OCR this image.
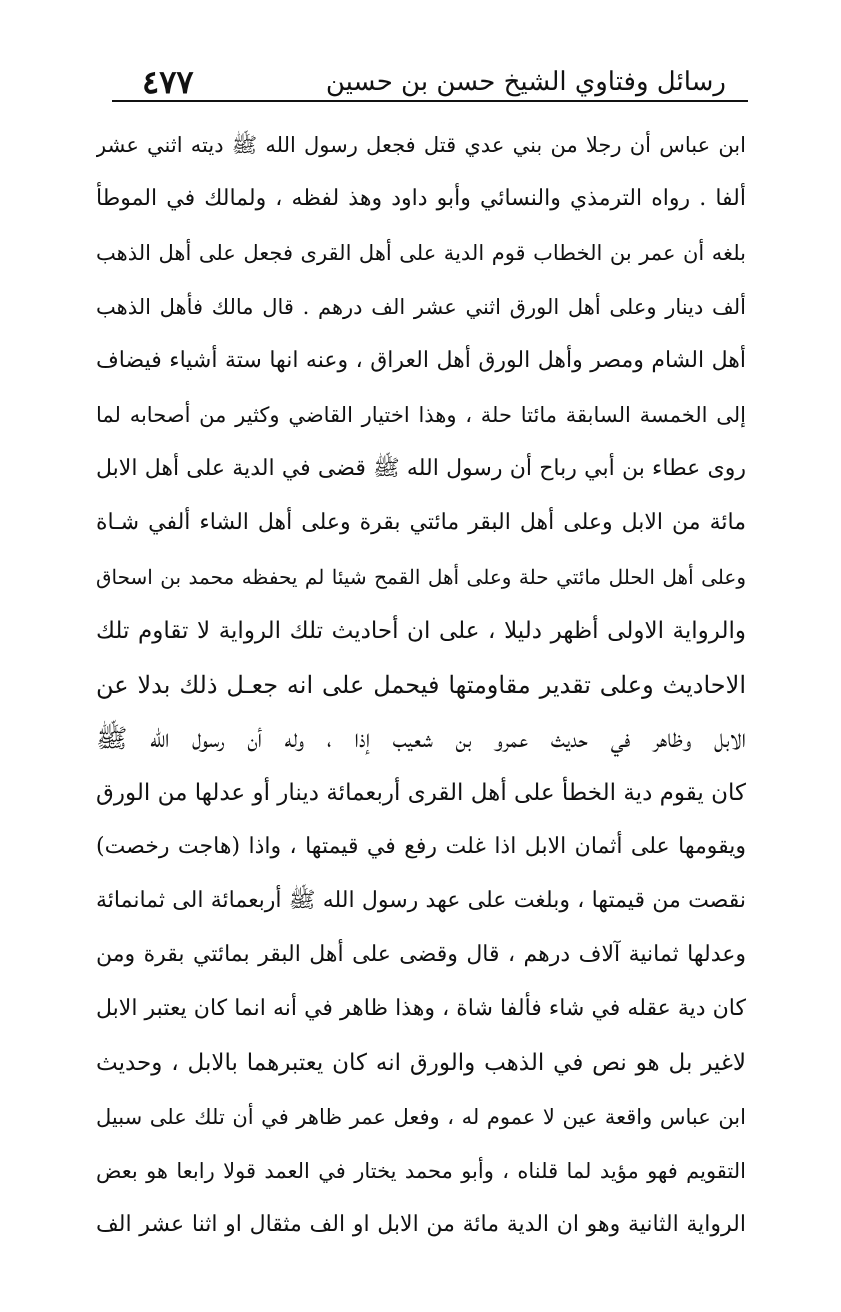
رسائل وفتاوي الشيخ حسن بن حسين
٤٧٧
ابن عباس أن رجلا من بني عدي قتل فجعل رسول الله ﷺ ديته اثني عشر
ألفا . رواه الترمذي والنسائي وأبو داود وهذ لفظه ، ولمالك في الموطأ
بلغه أن عمر بن الخطاب قوم الدية على أهل القرى فجعل على أهل الذهب
ألف دينار وعلى أهل الورق اثني عشر الف درهم . قال مالك فأهل الذهب
أهل الشام ومصر وأهل الورق أهل العراق ، وعنه انها ستة أشياء فيضاف
إلى الخمسة السابقة مائتا حلة ، وهذا اختيار القاضي وكثير من أصحابه لما
روى عطاء بن أبي رباح أن رسول الله ﷺ قضى في الدية على أهل الابل
مائة من الابل وعلى أهل البقر مائتي بقرة وعلى أهل الشاء ألفي شـاة
وعلى أهل الحلل مائتي حلة وعلى أهل القمح شيئا لم يحفظه محمد بن اسحاق
والرواية الاولى أظهر دليلا ، على ان أحاديث تلك الرواية لا تقاوم تلك
الاحاديث وعلى تقدير مقاومتها فيحمل على انه جعـل ذلك بدلا عن
الابل وظاهر في حديث عمرو بن شعيب إذا ، وله أن رسول الله ﷺ
كان يقوم دية الخطأ على أهل القرى أربعمائة دينار أو عدلها من الورق
ويقومها على أثمان الابل اذا غلت رفع في قيمتها ، واذا (هاجت رخصت)
نقصت من قيمتها ، وبلغت على عهد رسول الله ﷺ أربعمائة الى ثمانمائة
وعدلها ثمانية آلاف درهم ، قال وقضى على أهل البقر بمائتي بقرة ومن
كان دية عقله في شاء فألفا شاة ، وهذا ظاهر في أنه انما كان يعتبر الابل
لاغير بل هو نص في الذهب والورق انه كان يعتبرهما بالابل ، وحديث
ابن عباس واقعة عين لا عموم له ، وفعل عمر ظاهر في أن تلك على سبيل
التقويم فهو مؤيد لما قلناه ، وأبو محمد يختار في العمد قولا رابعا هو بعض
الرواية الثانية وهو ان الدية مائة من الابل او الف مثقال او اثنا عشر الف
